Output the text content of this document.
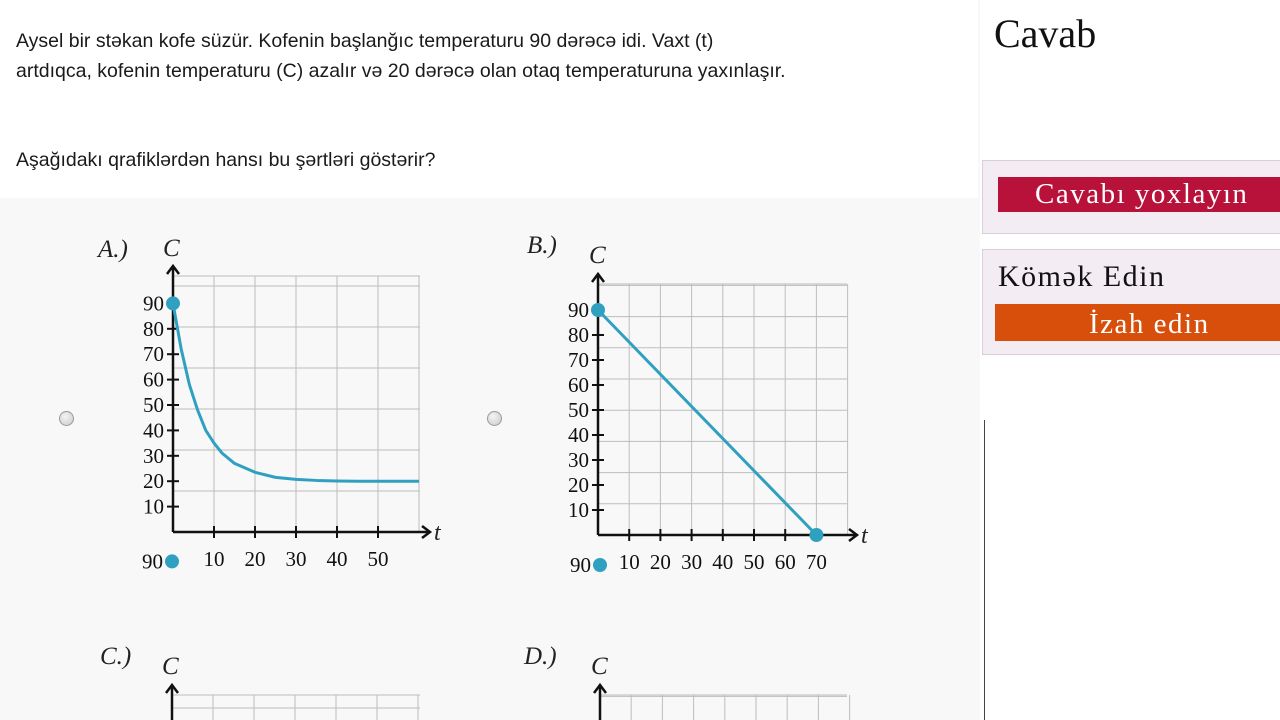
Aysel bir stəkan kofe süzür. Kofenin başlanğıc temperaturu 90 dərəcə idi. Vaxt (t)
artdıqca, kofenin temperaturu (C) azalır və 20 dərəcə olan otaq temperaturuna yaxınlaşır.
Aşağıdakı qrafiklərdən hansı bu şərtləri göstərir?
A.) C
t
10
20
30
40
50
60
70
80
90
10 20 30 40 50
B.) C
t
10
20
30
40
50
60
70
80
90
10 20 30 40 50 60 70
C.) C
90
D.) C
90
Cavab
Cavabı yoxlayın
Kömək Edin
İzah edin
